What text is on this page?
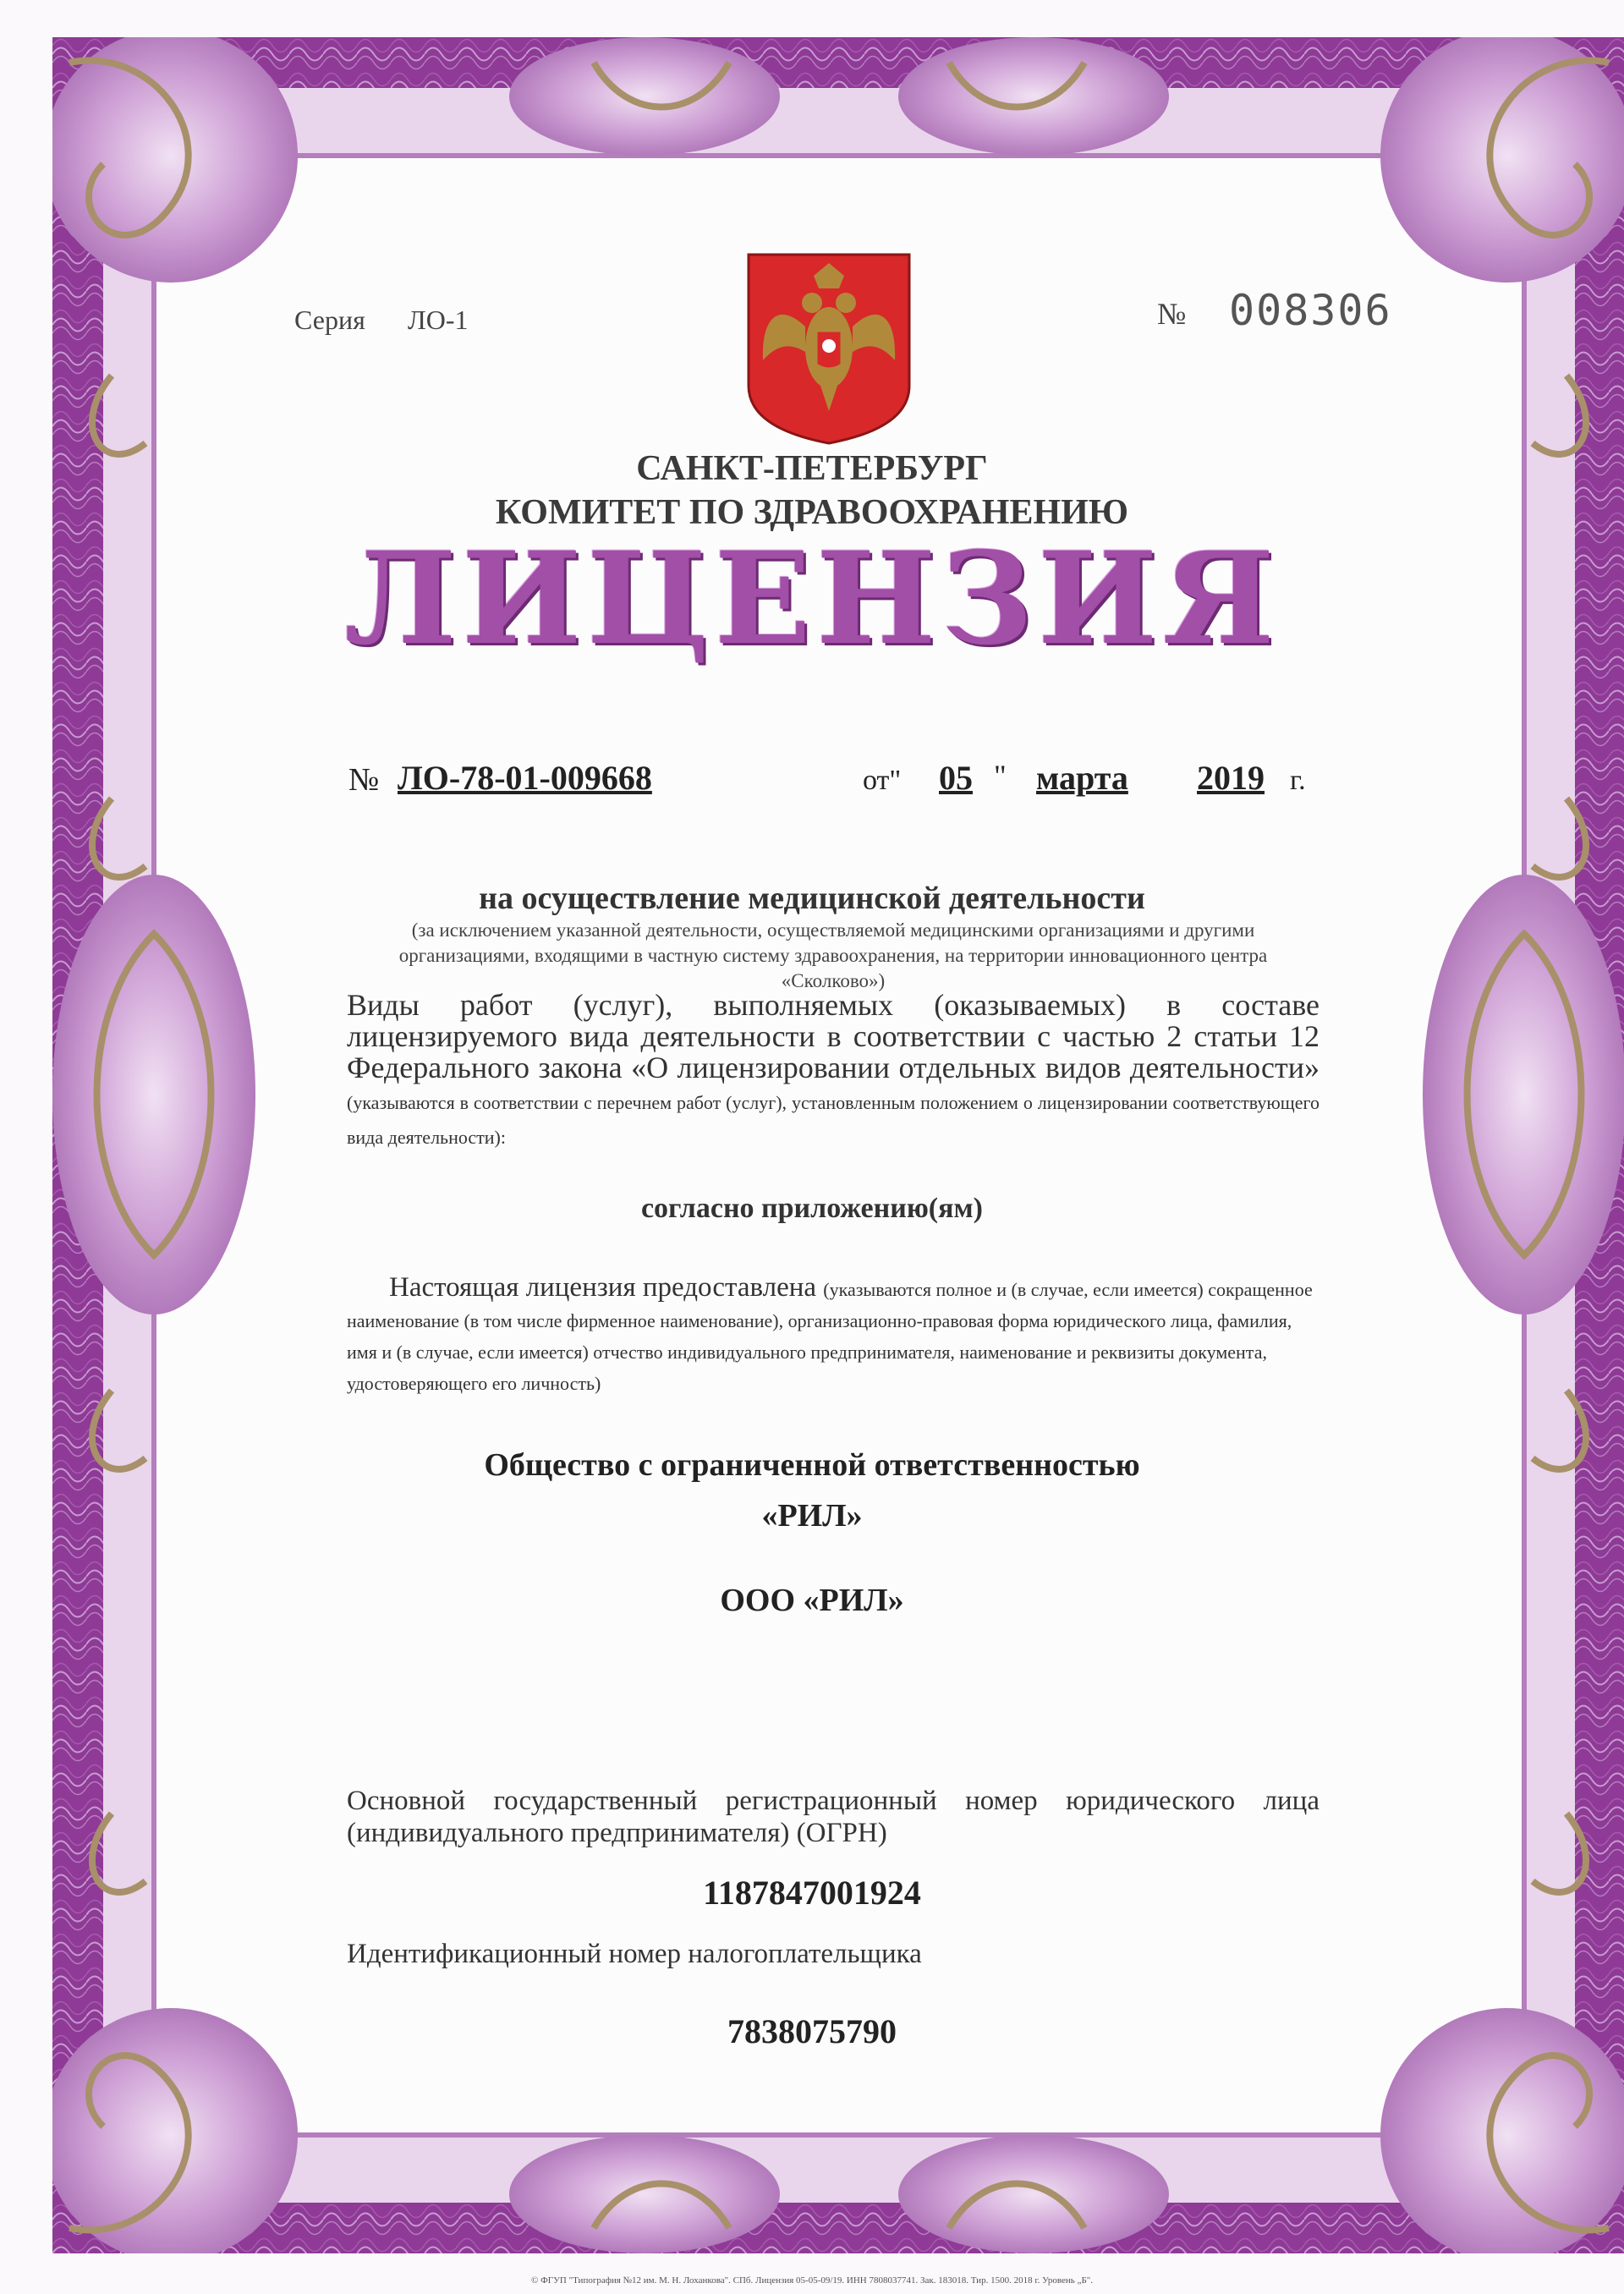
Серия ЛО-1	№ 008306
САНКТ-ПЕТЕРБУРГ
КОМИТЕТ ПО ЗДРАВООХРАНЕНИЮ
ЛИЦЕНЗИЯ
№ ЛО-78-01-009668	от" 05 " марта 2019 г.
на осуществление медицинской деятельности
(за исключением указанной деятельности, осуществляемой медицинскими организациями и другими организациями, входящими в частную систему здравоохранения, на территории инновационного центра «Сколково»)
Виды работ (услуг), выполняемых (оказываемых) в составе лицензируемого вида деятельности в соответствии с частью 2 статьи 12 Федерального закона «О лицензировании отдельных видов деятельности» (указываются в соответствии с перечнем работ (услуг), установленным положением о лицензировании соответствующего вида деятельности):
согласно приложению(ям)
Настоящая лицензия предоставлена (указываются полное и (в случае, если имеется) сокращенное наименование (в том числе фирменное наименование), организационно-правовая форма юридического лица, фамилия, имя и (в случае, если имеется) отчество индивидуального предпринимателя, наименование и реквизиты документа, удостоверяющего его личность)
Общество с ограниченной ответственностью
«РИЛ»
ООО «РИЛ»
Основной государственный регистрационный номер юридического лица (индивидуального предпринимателя) (ОГРН)
1187847001924
Идентификационный номер налогоплательщика
7838075790
© ФГУП "Типография №12 им. М. Н. Лоханкова". СПб. Лицензия 05-05-09/19. ИНН 7808037741. Зак. 183018. Тир. 1500. 2018 г. Уровень „Б".
